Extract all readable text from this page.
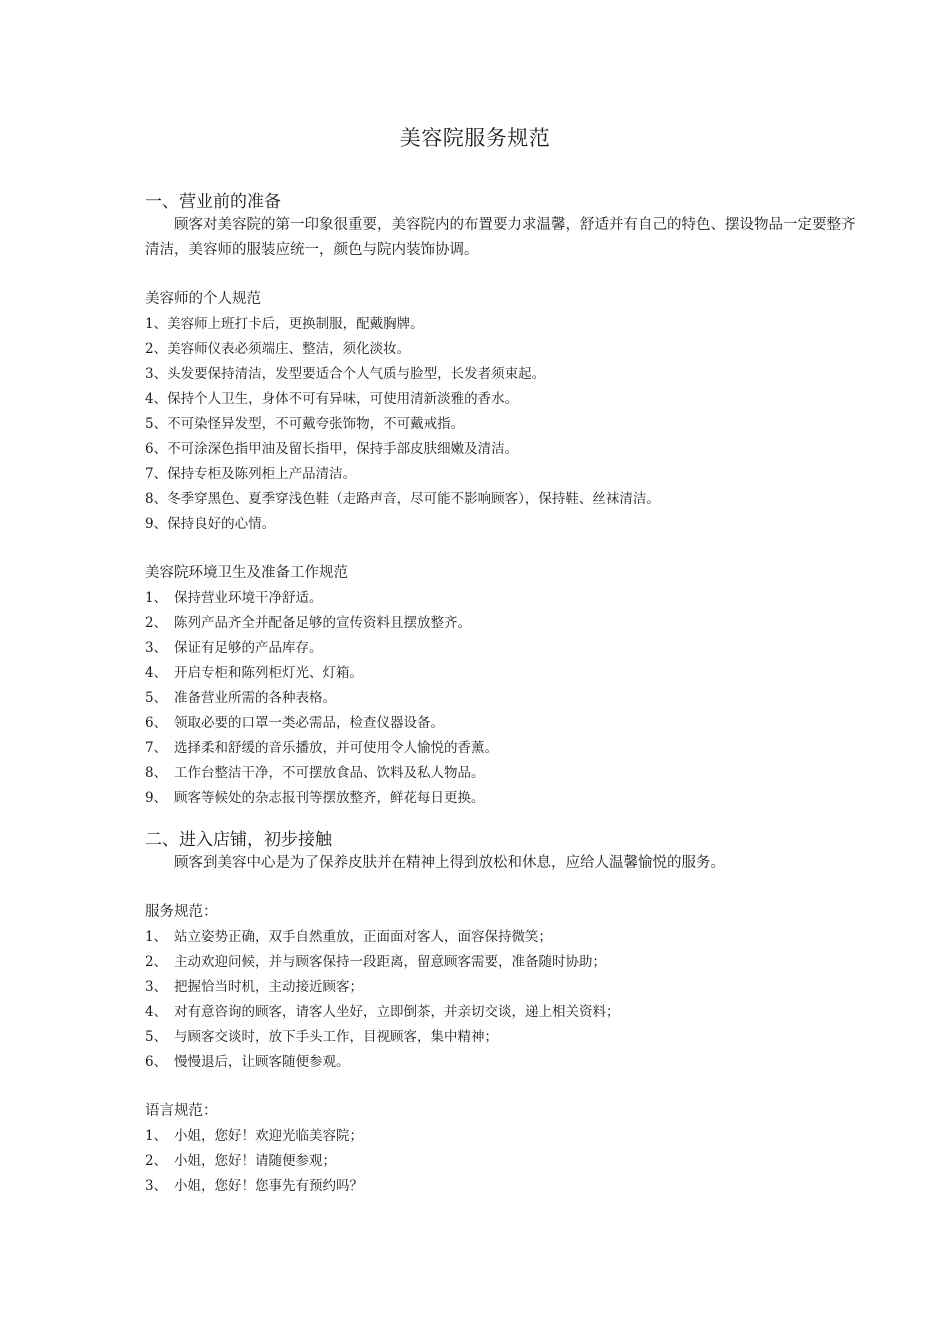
美容院服务规范
一、营业前的准备

顾客对美容院的第一印象很重要，美容院内的布置要力求温馨，舒适并有自己的特色、摆设物品一定要整齐清洁，美容师的服装应统一，颜色与院内装饰协调。

美容师的个人规范
1、美容师上班打卡后，更换制服，配戴胸牌。
2、美容师仪表必须端庄、整洁，须化淡妆。
3、头发要保持清洁，发型要适合个人气质与脸型，长发者须束起。
4、保持个人卫生，身体不可有异味，可使用清新淡雅的香水。
5、不可染怪异发型，不可戴夸张饰物，不可戴戒指。
6、不可涂深色指甲油及留长指甲，保持手部皮肤细嫩及清洁。
7、保持专柜及陈列柜上产品清洁。
8、冬季穿黑色、夏季穿浅色鞋（走路声音，尽可能不影响顾客），保持鞋、丝袜清洁。
9、保持良好的心情。
美容院环境卫生及准备工作规范
1、 保持营业环境干净舒适。
2、 陈列产品齐全并配备足够的宣传资料且摆放整齐。
3、 保证有足够的产品库存。
4、 开启专柜和陈列柜灯光、灯箱。
5、 准备营业所需的各种表格。
6、 领取必要的口罩一类必需品，检查仪器设备。
7、 选择柔和舒缓的音乐播放，并可使用令人愉悦的香薰。
8、 工作台整洁干净，不可摆放食品、饮料及私人物品。
9、 顾客等候处的杂志报刊等摆放整齐，鲜花每日更换。
二、进入店铺，初步接触

顾客到美容中心是为了保养皮肤并在精神上得到放松和休息，应给人温馨愉悦的服务。

服务规范：
1、 站立姿势正确，双手自然重放，正面面对客人，面容保持微笑；
2、 主动欢迎问候，并与顾客保持一段距离，留意顾客需要，准备随时协助；
3、 把握恰当时机，主动接近顾客；
4、 对有意咨询的顾客，请客人坐好，立即倒茶，并亲切交谈，递上相关资料；
5、 与顾客交谈时，放下手头工作，目视顾客，集中精神；
6、 慢慢退后，让顾客随便参观。
语言规范：
1、 小姐，您好！欢迎光临美容院；
2、 小姐，您好！请随便参观；
3、 小姐，您好！您事先有预约吗？
